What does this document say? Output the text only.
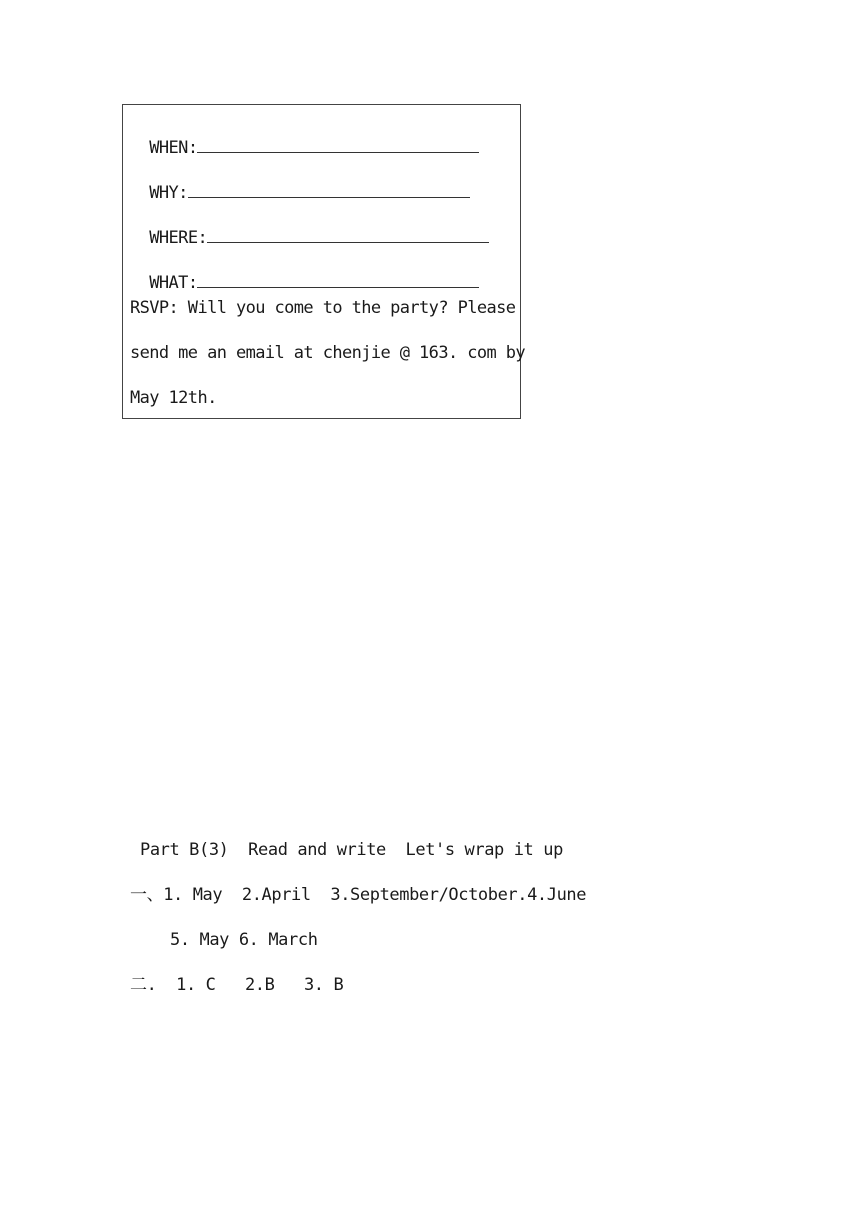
WHEN:

WHY:

WHERE:

WHAT:

RSVP: Will you come to the party? Please
send me an email at chenjie @ 163. com by
May 12th.
Part B(3)  Read and write  Let's wrap it up
一、1. May  2.April  3.September/October.4.June
5. May 6. March
二.  1. C   2.B   3. B
